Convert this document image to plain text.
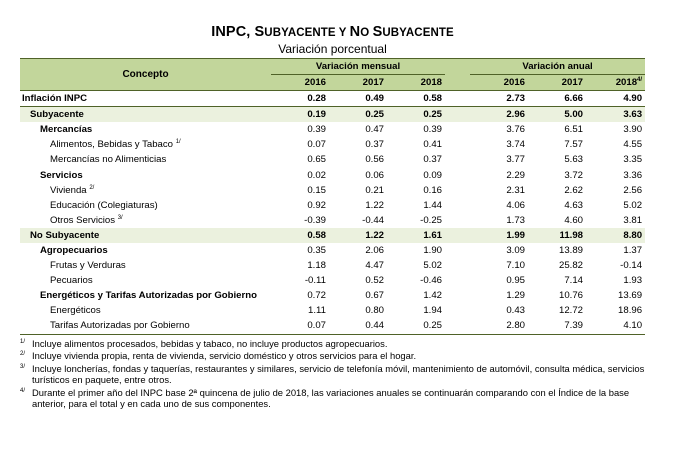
INPC, SUBYACENTE Y NO SUBYACENTE
Variación porcentual
Concepto	Variación mensual				Variación anual		
	2016	2017	2018		2016	2017	$2018^{4/}$
Inflación INPC	0.28	0.49	0.58		2.73	6.66	4.90
Subyacente	0.19	0.25	0.25		2.96	5.00	3.63
Mercancías	0.39	0.47	0.39		3.76	6.51	3.90
Alimentos, Bebidas y Tabaco $^{1/}$	0.07	0.37	0.41		3.74	7.57	4.55
Mercancías no Alimenticias	0.65	0.56	0.37		3.77	5.63	3.35
Servicios	0.02	0.06	0.09		2.29	3.72	3.36
Vivienda $^{2/}$	0.15	0.21	0.16		2.31	2.62	2.56
Educación (Colegiaturas)	0.92	1.22	1.44		4.06	4.63	5.02
Otros Servicios $^{3/}$	-0.39	-0.44	-0.25		1.73	4.60	3.81
No Subyacente	0.58	1.22	1.61		1.99	11.98	8.80
Agropecuarios	0.35	2.06	1.90		3.09	13.89	1.37
Frutas y Verduras	1.18	4.47	5.02		7.10	25.82	-0.14
Pecuarios	-0.11	0.52	-0.46		0.95	7.14	1.93
Energéticos y Tarifas Autorizadas por Gobierno	0.72	0.67	1.42		1.29	10.76	13.69
Energéticos	1.11	0.80	1.94		0.43	12.72	18.96
Tarifas Autorizadas por Gobierno	0.07	0.44	0.25		2.80	7.39	4.10
1/ Incluye alimentos procesados, bebidas y tabaco, no incluye productos agropecuarios.
2/ Incluye vivienda propia, renta de vivienda, servicio doméstico y otros servicios para el hogar.
3/ Incluye loncherías, fondas y taquerías, restaurantes y similares, servicio de telefonía móvil, mantenimiento de automóvil, consulta médica, servicios turísticos en paquete, entre otros.
4/ Durante el primer año del INPC base 2ª quincena de julio de 2018, las variaciones anuales se continuarán comparando con el Índice de la base anterior, para el total y en cada uno de sus componentes.
